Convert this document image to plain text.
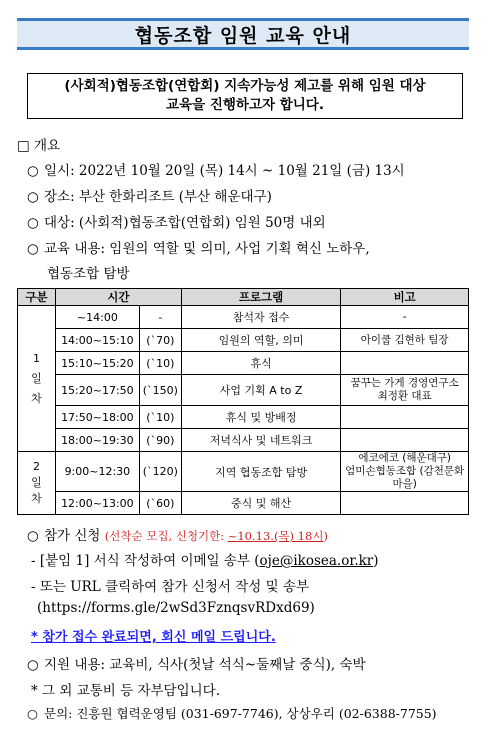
협동조합 임원 교육 안내
(사회적)협동조합(연합회) 지속가능성 제고를 위해 임원 대상
교육을 진행하고자 합니다.
□ 개요
○ 일시: 2022년 10월 20일 (목) 14시 ~ 10월 21일 (금) 13시
○ 장소: 부산 한화리조트 (부산 해운대구)
○ 대상: (사회적)협동조합(연합회) 임원 50명 내외
○ 교육 내용: 임원의 역할 및 의미, 사업 기획 혁신 노하우,
협동조합 탐방
구분	시간		프로그램	비고
1
일
차	~14:00	-	참석자 접수	-
	14:00~15:10	(`70)	임원의 역할, 의미	아이쿱 김현하 팀장
	15:10~15:20	(`10)	휴식	
	15:20~17:50	(`150)	사업 기획 A to Z	꿈꾸는 가게 경영연구소
최정환 대표
	17:50~18:00	(`10)	휴식 및 방배정	
	18:00~19:30	(`90)	저녁식사 및 네트워크	
2
일
차	9:00~12:30	(`120)	지역 협동조합 탐방	에코에코 (해운대구)
엄미손협동조합 (감천문화마을)
	12:00~13:00	(`60)	중식 및 해산	
○ 참가 신청 (선착순 모집, 신청기한: ~10.13.(목) 18시)
- [붙임 1] 서식 작성하여 이메일 송부 (oje@ikosea.or.kr)
- 또는 URL 클릭하여 참가 신청서 작성 및 송부
(https://forms.gle/2wSd3FznqsvRDxd69)
* 참가 접수 완료되면, 회신 메일 드립니다.
○ 지원 내용: 교육비, 식사(첫날 석식~둘째날 중식), 숙박
* 그 외 교통비 등 자부담입니다.
○ 문의: 진흥원 협력운영팀 (031-697-7746), 상상우리 (02-6388-7755)
